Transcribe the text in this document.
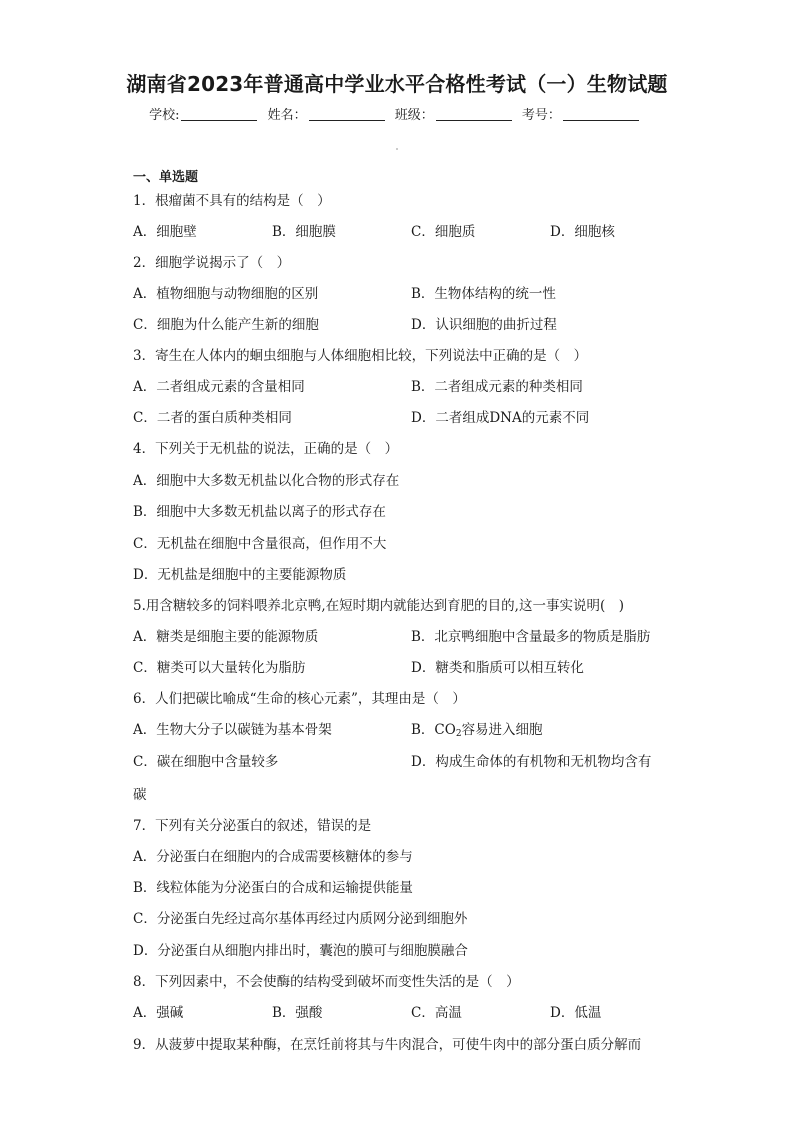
湖南省2023年普通高中学业水平合格性考试（一）生物试题
学校:	姓名：	班级：	考号：
一、单选题
1．根瘤菌不具有的结构是（　）
A．细胞壁	B．细胞膜	C．细胞质	D．细胞核
2．细胞学说揭示了（　）
A．植物细胞与动物细胞的区别	B．生物体结构的统一性
C．细胞为什么能产生新的细胞	D．认识细胞的曲折过程
3．寄生在人体内的蛔虫细胞与人体细胞相比较，下列说法中正确的是（　）
A．二者组成元素的含量相同	B．二者组成元素的种类相同
C．二者的蛋白质种类相同	D．二者组成DNA的元素不同
4．下列关于无机盐的说法，正确的是（　）
A．细胞中大多数无机盐以化合物的形式存在
B．细胞中大多数无机盐以离子的形式存在
C．无机盐在细胞中含量很高，但作用不大
D．无机盐是细胞中的主要能源物质
5.用含糖较多的饲料喂养北京鸭,在短时期内就能达到育肥的目的,这一事实说明(　)
A．糖类是细胞主要的能源物质	B．北京鸭细胞中含量最多的物质是脂肪
C．糖类可以大量转化为脂肪	D．糖类和脂质可以相互转化
6．人们把碳比喻成“生命的核心元素”，其理由是（　）
A．生物大分子以碳链为基本骨架	B．$CO_2$容易进入细胞
C．碳在细胞中含量较多	D．构成生命体的有机物和无机物均含有
碳
7．下列有关分泌蛋白的叙述，错误的是
A．分泌蛋白在细胞内的合成需要核糖体的参与
B．线粒体能为分泌蛋白的合成和运输提供能量
C．分泌蛋白先经过高尔基体再经过内质网分泌到细胞外
D．分泌蛋白从细胞内排出时，囊泡的膜可与细胞膜融合
8．下列因素中，不会使酶的结构受到破坏而变性失活的是（　）
A．强碱	B．强酸	C．高温	D．低温
9．从菠萝中提取某种酶，在烹饪前将其与牛肉混合，可使牛肉中的部分蛋白质分解而
